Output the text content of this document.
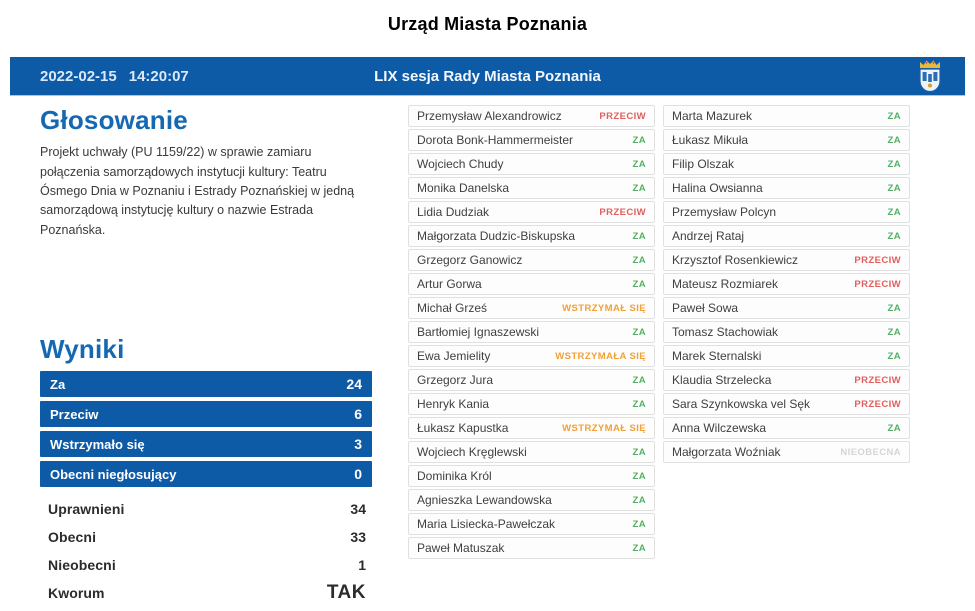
Urząd Miasta Poznania
2022-02-15 14:20:07	LIX sesja Rady Miasta Poznania
Głosowanie
Projekt uchwały (PU 1159/22) w sprawie zamiaru połączenia samorządowych instytucji kultury: Teatru Ósmego Dnia w Poznaniu i Estrady Poznańskiej w jedną samorządową instytucję kultury o nazwie Estrada Poznańska.
Wyniki
Za	24
Przeciw	6
Wstrzymało się	3
Obecni niegłosujący	0
Uprawnieni	34
Obecni	33
Nieobecni	1
Kworum	TAK
Przemysław Alexandrowicz	PRZECIW
Dorota Bonk-Hammermeister	ZA
Wojciech Chudy	ZA
Monika Danelska	ZA
Lidia Dudziak	PRZECIW
Małgorzata Dudzic-Biskupska	ZA
Grzegorz Ganowicz	ZA
Artur Gorwa	ZA
Michał Grześ	WSTRZYMAŁ SIĘ
Bartłomiej Ignaszewski	ZA
Ewa Jemielity	WSTRZYMAŁA SIĘ
Grzegorz Jura	ZA
Henryk Kania	ZA
Łukasz Kapustka	WSTRZYMAŁ SIĘ
Wojciech Kręglewski	ZA
Dominika Król	ZA
Agnieszka Lewandowska	ZA
Maria Lisiecka-Pawełczak	ZA
Paweł Matuszak	ZA
Marta Mazurek	ZA
Łukasz Mikuła	ZA
Filip Olszak	ZA
Halina Owsianna	ZA
Przemysław Polcyn	ZA
Andrzej Rataj	ZA
Krzysztof Rosenkiewicz	PRZECIW
Mateusz Rozmiarek	PRZECIW
Paweł Sowa	ZA
Tomasz Stachowiak	ZA
Marek Sternalski	ZA
Klaudia Strzelecka	PRZECIW
Sara Szynkowska vel Sęk	PRZECIW
Anna Wilczewska	ZA
Małgorzata Woźniak	NIEOBECNA
